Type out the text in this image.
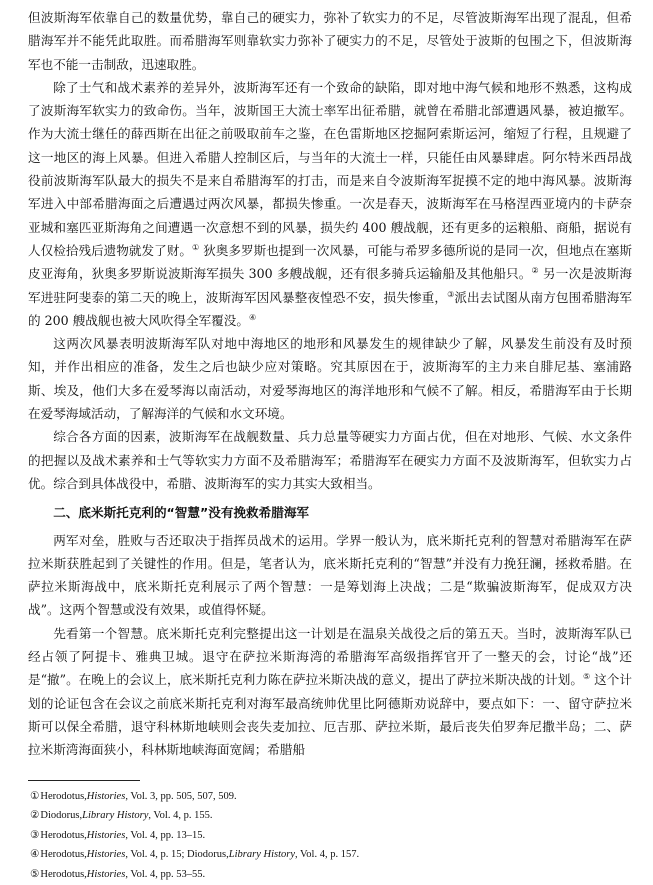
但波斯海军依靠自己的数量优势，靠自己的硬实力，弥补了软实力的不足，尽管波斯海军出现了混乱，但希腊海军并不能凭此取胜。而希腊海军则靠软实力弥补了硬实力的不足，尽管处于波斯的包围之下，但波斯海军也不能一击制敌，迅速取胜。

除了士气和战术素养的差异外，波斯海军还有一个致命的缺陷，即对地中海气候和地形不熟悉，这构成了波斯海军软实力的致命伤。当年，波斯国王大流士率军出征希腊，就曾在希腊北部遭遇风暴，被迫撤军。作为大流士继任的薛西斯在出征之前吸取前车之鉴，在色雷斯地区挖掘阿索斯运河，缩短了行程，且规避了这一地区的海上风暴。但进入希腊人控制区后，与当年的大流士一样，只能任由风暴肆虐。阿尔特米西昂战役前波斯海军队最大的损失不是来自希腊海军的打击，而是来自令波斯海军捉摸不定的地中海风暴。波斯海军进入中部希腊海面之后遭遇过两次风暴，都损失惨重。一次是春天，波斯海军在马格涅西亚境内的卡萨奈亚城和塞匹亚斯海角之间遭遇一次意想不到的风暴，损失约 400 艘战舰，还有更多的运粮船、商船，据说有人仅检拾残后遗物就发了财。① 狄奥多罗斯也提到一次风暴，可能与希罗多德所说的是同一次，但地点在塞斯皮亚海角，狄奥多罗斯说波斯海军损失 300 多艘战舰，还有很多骑兵运输船及其他船只。② 另一次是波斯海军进驻阿斐泰的第二天的晚上，波斯海军因风暴整夜惶恐不安，损失惨重，③派出去试图从南方包围希腊海军的 200 艘战舰也被大风吹得全军覆没。④

这两次风暴表明波斯海军队对地中海地区的地形和风暴发生的规律缺少了解，风暴发生前没有及时预知，并作出相应的准备，发生之后也缺少应对策略。究其原因在于，波斯海军的主力来自腓尼基、塞浦路斯、埃及，他们大多在爱琴海以南活动，对爱琴海地区的海洋地形和气候不了解。相反，希腊海军由于长期在爱琴海域活动，了解海洋的气候和水文环境。

综合各方面的因素，波斯海军在战舰数量、兵力总量等硬实力方面占优，但在对地形、气候、水文条件的把握以及战术素养和士气等软实力方面不及希腊海军；希腊海军在硬实力方面不及波斯海军，但软实力占优。综合到具体战役中，希腊、波斯海军的实力其实大致相当。

二、底米斯托克利的“智慧”没有挽救希腊海军

两军对垒，胜败与否还取决于指挥员战术的运用。学界一般认为，底米斯托克利的智慧对希腊海军在萨拉米斯获胜起到了关键性的作用。但是，笔者认为，底米斯托克利的“智慧”并没有力挽狂澜，拯救希腊。在萨拉米斯海战中，底米斯托克利展示了两个智慧：一是筹划海上决战；二是“欺骗波斯海军，促成双方决战”。这两个智慧或没有效果，或值得怀疑。

先看第一个智慧。底米斯托克利完整提出这一计划是在温泉关战役之后的第五天。当时，波斯海军队已经占领了阿提卡、雅典卫城。退守在萨拉米斯海湾的希腊海军高级指挥官开了一整天的会，讨论“战”还是“撤”。在晚上的会议上，底米斯托克利力陈在萨拉米斯决战的意义，提出了萨拉米斯决战的计划。⑤ 这个计划的论证包含在会议之前底米斯托克利对海军最高统帅优里比阿德斯劝说辞中，要点如下：一、留守萨拉米斯可以保全希腊，退守科林斯地峡则会丧失麦加拉、厄吉那、萨拉米斯，最后丧失伯罗奔尼撒半岛；二、萨拉米斯湾海面狭小，科林斯地峡海面宽阔；希腊船

①Herodotus,Histories, Vol. 3, pp. 505, 507, 509.
②Diodorus,Library History, Vol. 4, p. 155.
③Herodotus,Histories, Vol. 4, pp. 13–15.
④Herodotus,Histories, Vol. 4, p. 15; Diodorus,Library History, Vol. 4, p. 157.
⑤Herodotus,Histories, Vol. 4, pp. 53–55.
